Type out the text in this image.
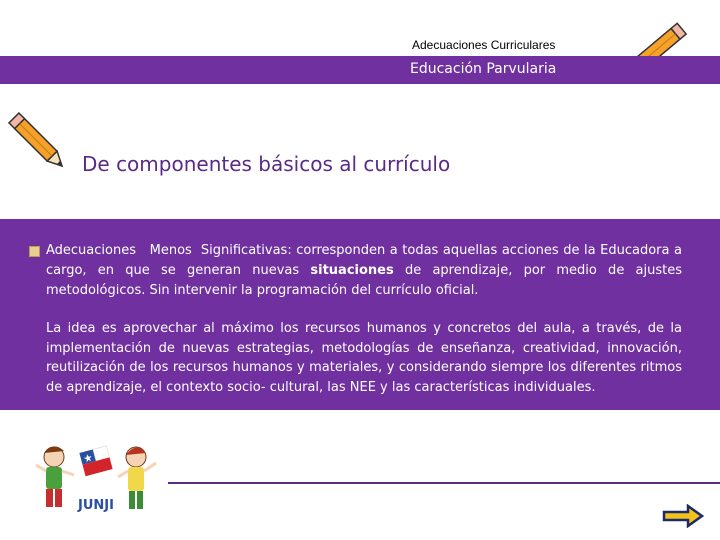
Adecuaciones Curriculares
Educación Parvularia
De componentes básicos al currículo
Adecuaciones   Menos  Significativas: corresponden a todas aquellas acciones de la Educadora a cargo, en que se generan nuevas situaciones de aprendizaje, por medio de ajustes metodológicos. Sin intervenir la programación del currículo oficial.
La idea es aprovechar al máximo los recursos humanos y concretos del aula, a través, de la implementación de nuevas estrategias, metodologías de enseñanza, creatividad, innovación, reutilización de los recursos humanos y materiales, y considerando siempre los diferentes ritmos de aprendizaje, el contexto socio- cultural, las NEE y las características individuales.
JUNJI
